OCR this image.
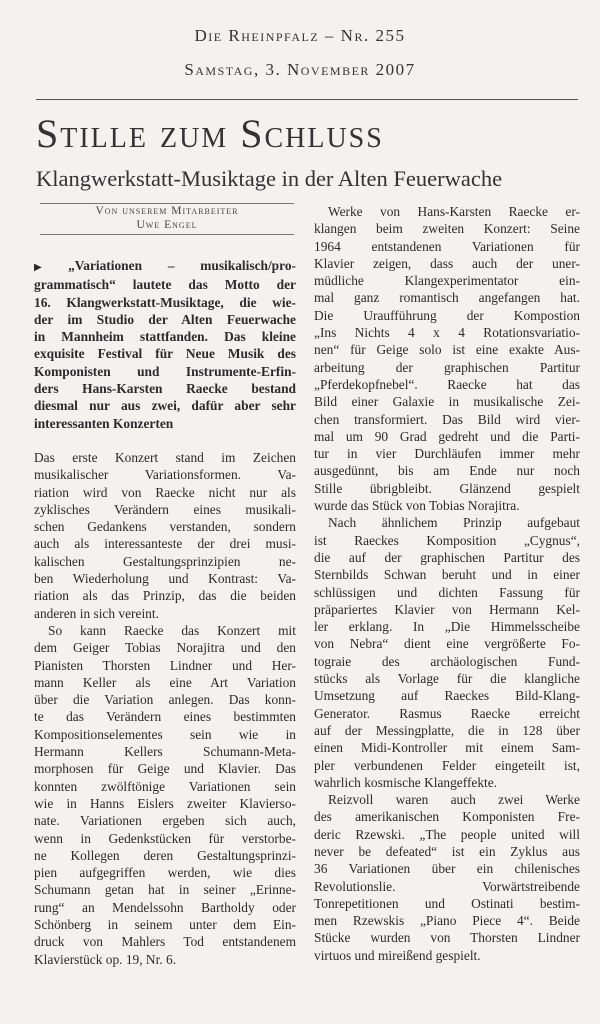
Die Rheinpfalz – Nr. 255
Samstag, 3. November 2007
Stille zum Schluss
Klangwerkstatt-Musiktage in der Alten Feuerwache
Von unserem Mitarbeiter
Uwe Engel
▶ „Variationen – musikalisch/pro-
grammatisch“ lautete das Motto der
16. Klangwerkstatt-Musiktage, die wie-
der im Studio der Alten Feuerwache
in Mannheim stattfanden. Das kleine
exquisite Festival für Neue Musik des
Komponisten und Instrumente-Erfin-
ders Hans-Karsten Raecke bestand
diesmal nur aus zwei, dafür aber sehr
interessanten Konzerten

Das erste Konzert stand im Zeichen
musikalischer Variationsformen. Va-
riation wird von Raecke nicht nur als
zyklisches Verändern eines musikali-
schen Gedankens verstanden, sondern
auch als interessanteste der drei musi-
kalischen Gestaltungsprinzipien ne-
ben Wiederholung und Kontrast: Va-
riation als das Prinzip, das die beiden
anderen in sich vereint.

So kann Raecke das Konzert mit
dem Geiger Tobias Norajitra und den
Pianisten Thorsten Lindner und Her-
mann Keller als eine Art Variation
über die Variation anlegen. Das konn-
te das Verändern eines bestimmten
Kompositionselementes sein wie in
Hermann Kellers Schumann-Meta-
morphosen für Geige und Klavier. Das
konnten zwölftönige Variationen sein
wie in Hanns Eislers zweiter Klavierso-
nate. Variationen ergeben sich auch,
wenn in Gedenkstücken für verstorbe-
ne Kollegen deren Gestaltungsprinzi-
pien aufgegriffen werden, wie dies
Schumann getan hat in seiner „Erinne-
rung“ an Mendelssohn Bartholdy oder
Schönberg in seinem unter dem Ein-
druck von Mahlers Tod entstandenem
Klavierstück op. 19, Nr. 6.

Werke von Hans-Karsten Raecke er-
klangen beim zweiten Konzert: Seine
1964 entstandenen Variationen für
Klavier zeigen, dass auch der uner-
müdliche Klangexperimentator ein-
mal ganz romantisch angefangen hat.
Die Uraufführung der Kompostion
„Ins Nichts 4 x 4 Rotationsvariatio-
nen“ für Geige solo ist eine exakte Aus-
arbeitung der graphischen Partitur
„Pferdekopfnebel“. Raecke hat das
Bild einer Galaxie in musikalische Zei-
chen transformiert. Das Bild wird vier-
mal um 90 Grad gedreht und die Parti-
tur in vier Durchläufen immer mehr
ausgedünnt, bis am Ende nur noch
Stille übrigbleibt. Glänzend gespielt
wurde das Stück von Tobias Norajitra.

Nach ähnlichem Prinzip aufgebaut
ist Raeckes Komposition „Cygnus“,
die auf der graphischen Partitur des
Sternbilds Schwan beruht und in einer
schlüssigen und dichten Fassung für
präpariertes Klavier von Hermann Kel-
ler erklang. In „Die Himmelsscheibe
von Nebra“ dient eine vergrößerte Fo-
tograie des archäologischen Fund-
stücks als Vorlage für die klangliche
Umsetzung auf Raeckes Bild-Klang-
Generator. Rasmus Raecke erreicht
auf der Messingplatte, die in 128 über
einen Midi-Kontroller mit einem Sam-
pler verbundenen Felder eingeteilt ist,
wahrlich kosmische Klangeffekte.

Reizvoll waren auch zwei Werke
des amerikanischen Komponisten Fre-
deric Rzewski. „The people united will
never be defeated“ ist ein Zyklus aus
36 Variationen über ein chilenisches
Revolutionslie. Vorwärtstreibende
Tonrepetitionen und Ostinati bestim-
men Rzewskis „Piano Piece 4“. Beide
Stücke wurden von Thorsten Lindner
virtuos und mireißend gespielt.
